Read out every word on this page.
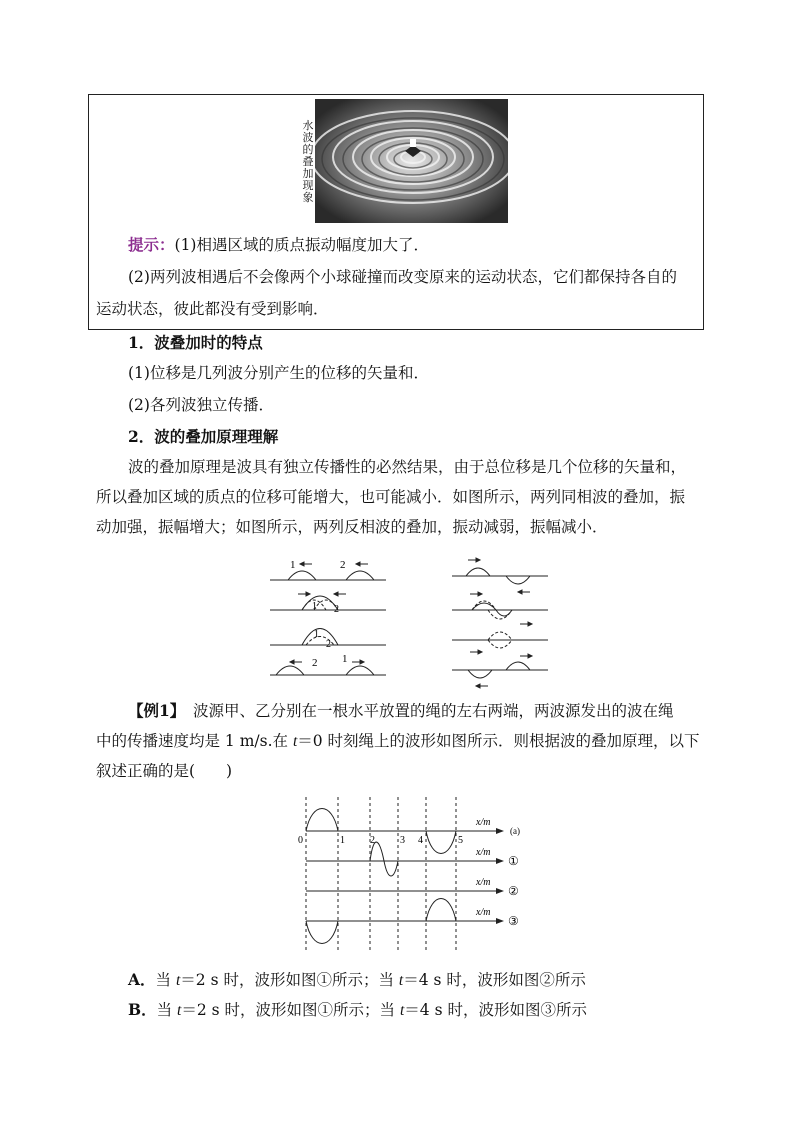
水波的叠加现象
提示：(1)相遇区域的质点振动幅度加大了．
(2)两列波相遇后不会像两个小球碰撞而改变原来的运动状态，它们都保持各自的
运动状态，彼此都没有受到影响．
1．波叠加时的特点
(1)位移是几列波分别产生的位移的矢量和．
(2)各列波独立传播．
2．波的叠加原理理解
波的叠加原理是波具有独立传播性的必然结果，由于总位移是几个位移的矢量和，
所以叠加区域的质点的位移可能增大，也可能减小．如图所示，两列同相波的叠加，振
动加强，振幅增大；如图所示，两列反相波的叠加，振动减弱，振幅减小．
1	2
1 2
1
2
2 1
【例1】　波源甲、乙分别在一根水平放置的绳的左右两端，两波源发出的波在绳
中的传播速度均是 1 m/s.在 t＝0 时刻绳上的波形如图所示．则根据波的叠加原理，以下
叙述正确的是(　　)
x/m
x/m
x/m
x/m
0	1	2	3 4	5
(a)
①
②
③
A．当 t＝2 s 时，波形如图①所示；当 t＝4 s 时，波形如图②所示
B．当 t＝2 s 时，波形如图①所示；当 t＝4 s 时，波形如图③所示
